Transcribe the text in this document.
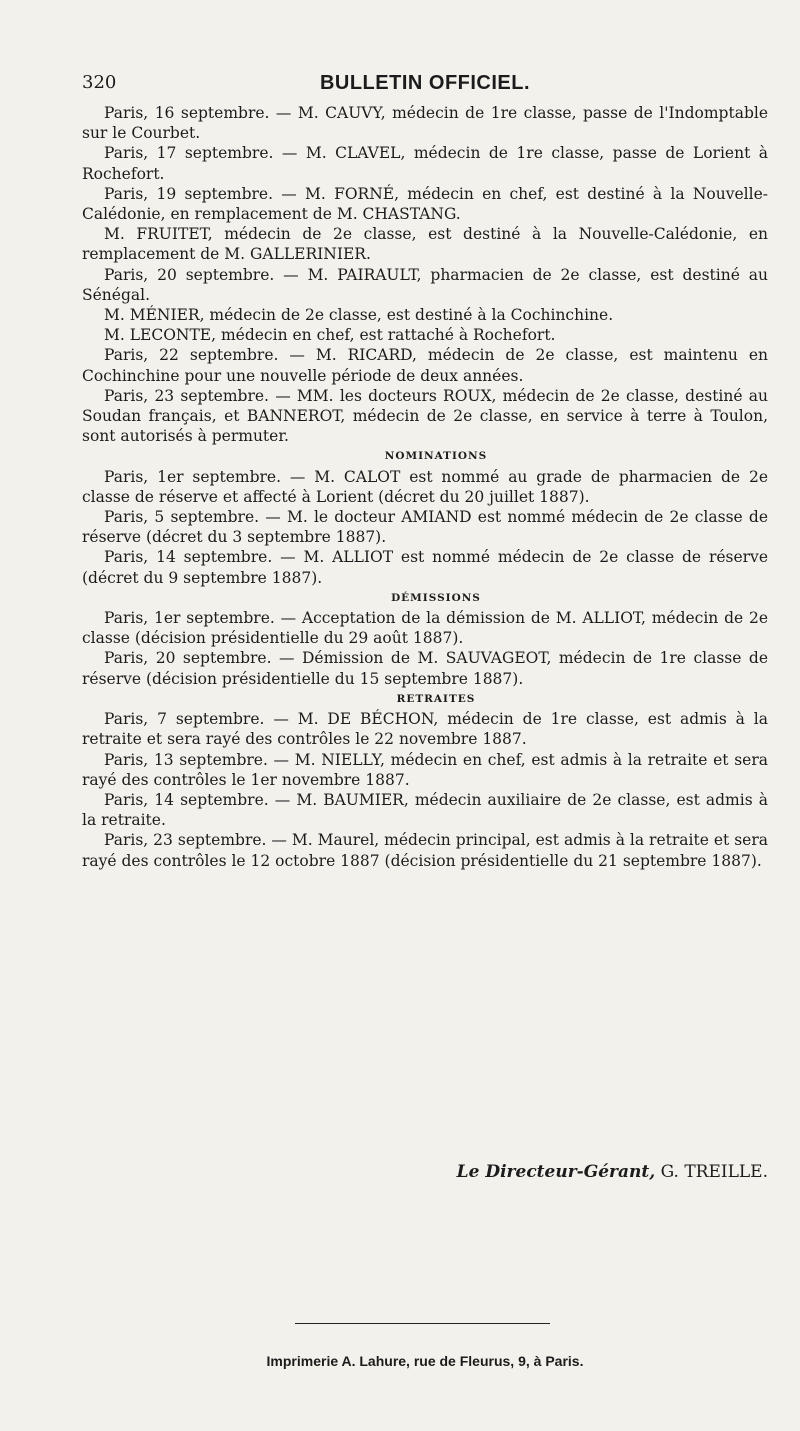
320	BULLETIN OFFICIEL.

Paris, 16 septembre. — M. CAUVY, médecin de 1re classe, passe de l'Indomptable sur le Courbet.

Paris, 17 septembre. — M. CLAVEL, médecin de 1re classe, passe de Lorient à Rochefort.

Paris, 19 septembre. — M. FORNÉ, médecin en chef, est destiné à la Nouvelle-Calédonie, en remplacement de M. CHASTANG.

M. FRUITET, médecin de 2e classe, est destiné à la Nouvelle-Calédonie, en remplacement de M. GALLERINIER.

Paris, 20 septembre. — M. PAIRAULT, pharmacien de 2e classe, est destiné au Sénégal.

M. MÉNIER, médecin de 2e classe, est destiné à la Cochinchine.

M. LECONTE, médecin en chef, est rattaché à Rochefort.

Paris, 22 septembre. — M. RICARD, médecin de 2e classe, est maintenu en Cochinchine pour une nouvelle période de deux années.

Paris, 23 septembre. — MM. les docteurs ROUX, médecin de 2e classe, destiné au Soudan français, et BANNEROT, médecin de 2e classe, en service à terre à Toulon, sont autorisés à permuter.

NOMINATIONS

Paris, 1er septembre. — M. CALOT est nommé au grade de pharmacien de 2e classe de réserve et affecté à Lorient (décret du 20 juillet 1887).

Paris, 5 septembre. — M. le docteur AMIAND est nommé médecin de 2e classe de réserve (décret du 3 septembre 1887).

Paris, 14 septembre. — M. ALLIOT est nommé médecin de 2e classe de réserve (décret du 9 septembre 1887).

DÉMISSIONS

Paris, 1er septembre. — Acceptation de la démission de M. ALLIOT, médecin de 2e classe (décision présidentielle du 29 août 1887).

Paris, 20 septembre. — Démission de M. SAUVAGEOT, médecin de 1re classe de réserve (décision présidentielle du 15 septembre 1887).

RETRAITES

Paris, 7 septembre. — M. DE BÉCHON, médecin de 1re classe, est admis à la retraite et sera rayé des contrôles le 22 novembre 1887.

Paris, 13 septembre. — M. NIELLY, médecin en chef, est admis à la retraite et sera rayé des contrôles le 1er novembre 1887.

Paris, 14 septembre. — M. BAUMIER, médecin auxiliaire de 2e classe, est admis à la retraite.

Paris, 23 septembre. — M. Maurel, médecin principal, est admis à la retraite et sera rayé des contrôles le 12 octobre 1887 (décision présidentielle du 21 septembre 1887).

Le Directeur-Gérant, G. TREILLE.
Imprimerie A. Lahure, rue de Fleurus, 9, à Paris.
